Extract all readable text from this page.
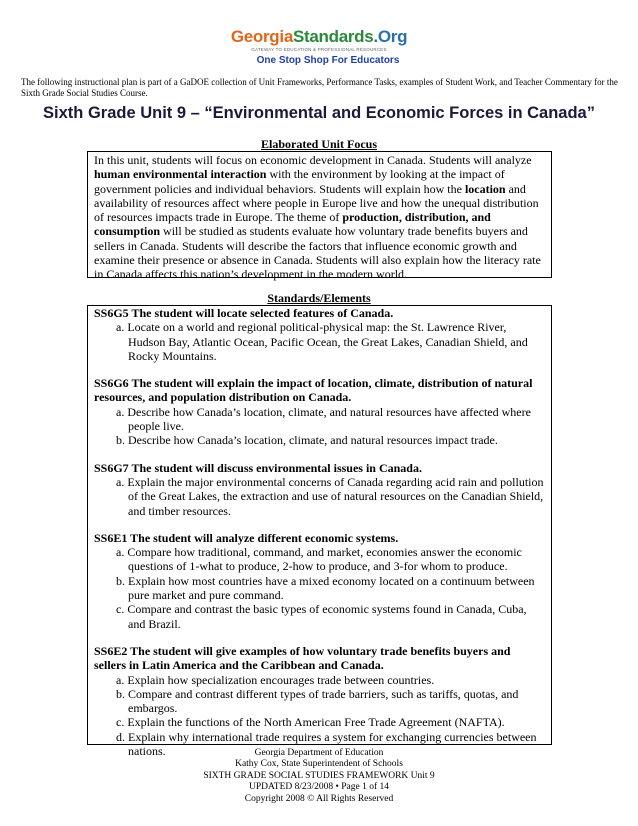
GeorgiaStandards.Org
GATEWAY TO EDUCATION & PROFESSIONAL RESOURCES
One Stop Shop For Educators
The following instructional plan is part of a GaDOE collection of Unit Frameworks, Performance Tasks, examples of Student Work, and Teacher Commentary for the Sixth Grade Social Studies Course.
Sixth Grade Unit 9 – “Environmental and Economic Forces in Canada”
Elaborated Unit Focus

In this unit, students will focus on economic development in Canada. Students will analyze human environmental interaction with the environment by looking at the impact of government policies and individual behaviors. Students will explain how the location and availability of resources affect where people in Europe live and how the unequal distribution of resources impacts trade in Europe. The theme of production, distribution, and consumption will be studied as students evaluate how voluntary trade benefits buyers and sellers in Canada. Students will describe the factors that influence economic growth and examine their presence or absence in Canada. Students will also explain how the literacy rate in Canada affects this nation’s development in the modern world.

Standards/Elements

SS6G5 The student will locate selected features of Canada.

a. Locate on a world and regional political-physical map: the St. Lawrence River, Hudson Bay, Atlantic Ocean, Pacific Ocean, the Great Lakes, Canadian Shield, and Rocky Mountains.

SS6G6 The student will explain the impact of location, climate, distribution of natural resources, and population distribution on Canada.

a. Describe how Canada’s location, climate, and natural resources have affected where people live.

b. Describe how Canada’s location, climate, and natural resources impact trade.

SS6G7 The student will discuss environmental issues in Canada.

a. Explain the major environmental concerns of Canada regarding acid rain and pollution of the Great Lakes, the extraction and use of natural resources on the Canadian Shield, and timber resources.

SS6E1 The student will analyze different economic systems.

a. Compare how traditional, command, and market, economies answer the economic questions of 1-what to produce, 2-how to produce, and 3-for whom to produce.

b. Explain how most countries have a mixed economy located on a continuum between pure market and pure command.

c. Compare and contrast the basic types of economic systems found in Canada, Cuba, and Brazil.

SS6E2 The student will give examples of how voluntary trade benefits buyers and sellers in Latin America and the Caribbean and Canada.

a. Explain how specialization encourages trade between countries.

b. Compare and contrast different types of trade barriers, such as tariffs, quotas, and embargos.

c. Explain the functions of the North American Free Trade Agreement (NAFTA).

d. Explain why international trade requires a system for exchanging currencies between nations.	Georgia Department of Education
Kathy Cox, State Superintendent of Schools
SIXTH GRADE SOCIAL STUDIES FRAMEWORK Unit 9
UPDATED 8/23/2008 • Page 1 of 14
Copyright 2008 © All Rights Reserved
